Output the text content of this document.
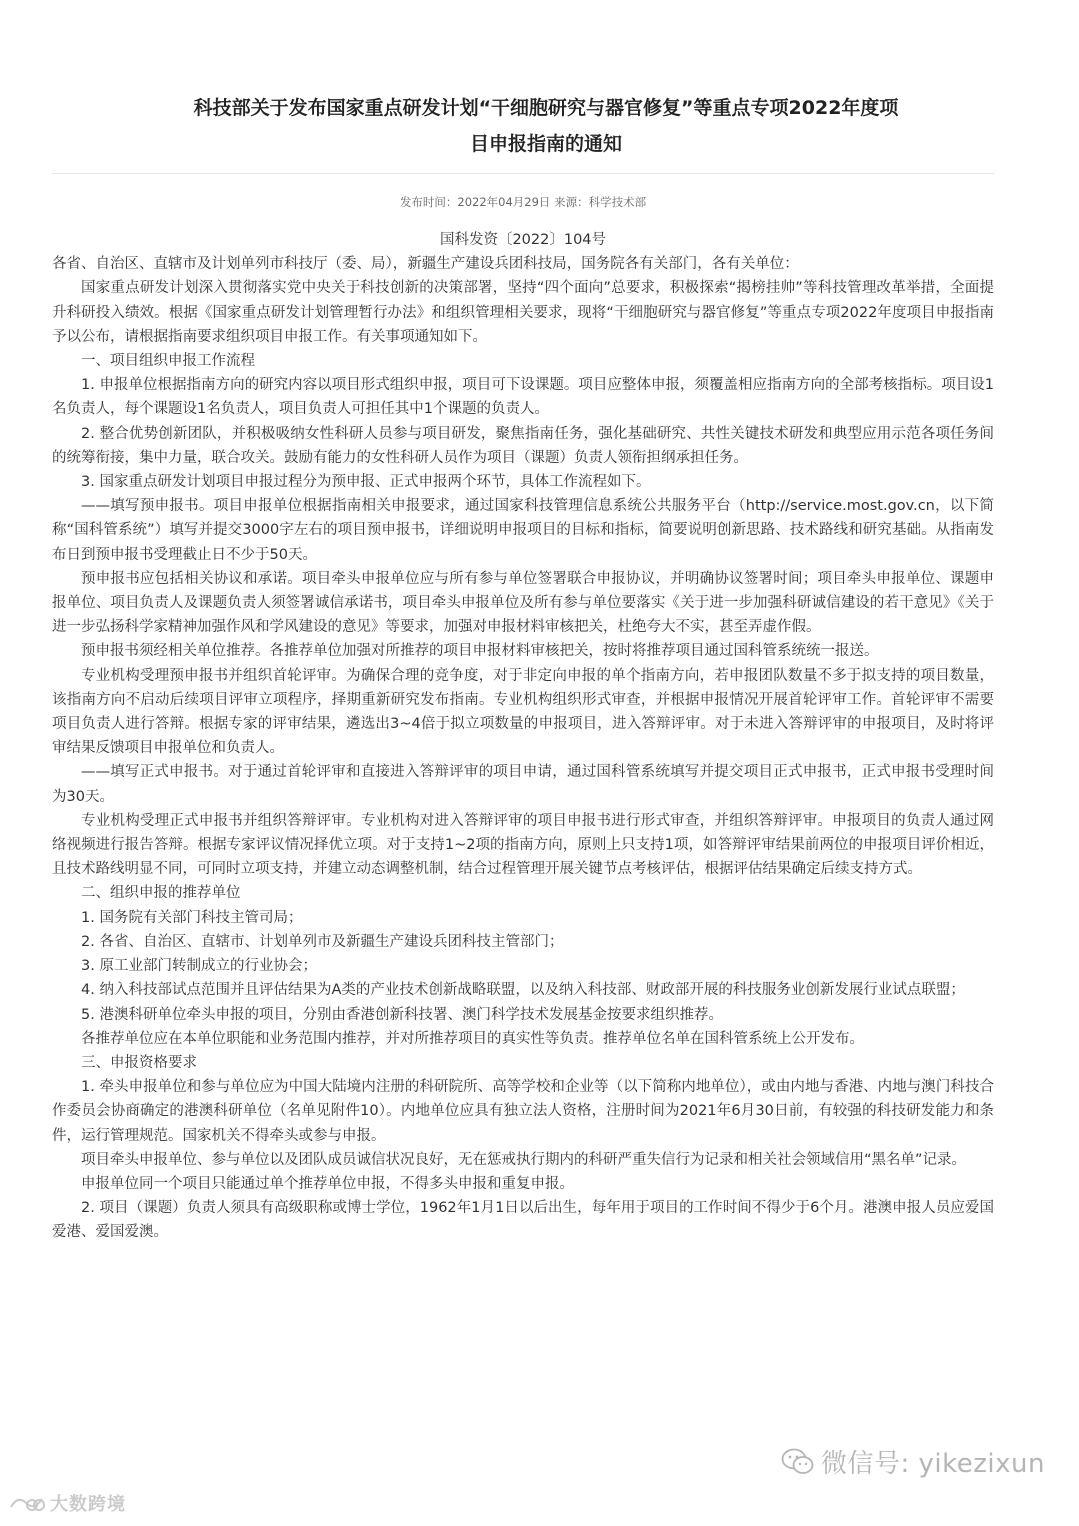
科技部关于发布国家重点研发计划“干细胞研究与器官修复”等重点专项2022年度项
目申报指南的通知
发布时间：2022年04月29日 来源：科学技术部

国科发资〔2022〕104号

各省、自治区、直辖市及计划单列市科技厅（委、局），新疆生产建设兵团科技局，国务院各有关部门，各有关单位：

国家重点研发计划深入贯彻落实党中央关于科技创新的决策部署，坚持“四个面向”总要求，积极探索“揭榜挂帅”等科技管理改革举措，全面提升科研投入绩效。根据《国家重点研发计划管理暂行办法》和组织管理相关要求，现将“干细胞研究与器官修复”等重点专项2022年度项目申报指南予以公布，请根据指南要求组织项目申报工作。有关事项通知如下。

一、项目组织申报工作流程

1. 申报单位根据指南方向的研究内容以项目形式组织申报，项目可下设课题。项目应整体申报，须覆盖相应指南方向的全部考核指标。项目设1名负责人，每个课题设1名负责人，项目负责人可担任其中1个课题的负责人。

2. 整合优势创新团队，并积极吸纳女性科研人员参与项目研发，聚焦指南任务，强化基础研究、共性关键技术研发和典型应用示范各项任务间的统筹衔接，集中力量，联合攻关。鼓励有能力的女性科研人员作为项目（课题）负责人领衔担纲承担任务。

3. 国家重点研发计划项目申报过程分为预申报、正式申报两个环节，具体工作流程如下。

——填写预申报书。项目申报单位根据指南相关申报要求，通过国家科技管理信息系统公共服务平台（http://service.most.gov.cn，以下简称“国科管系统”）填写并提交3000字左右的项目预申报书，详细说明申报项目的目标和指标，简要说明创新思路、技术路线和研究基础。从指南发布日到预申报书受理截止日不少于50天。

预申报书应包括相关协议和承诺。项目牵头申报单位应与所有参与单位签署联合申报协议，并明确协议签署时间；项目牵头申报单位、课题申报单位、项目负责人及课题负责人须签署诚信承诺书，项目牵头申报单位及所有参与单位要落实《关于进一步加强科研诚信建设的若干意见》《关于进一步弘扬科学家精神加强作风和学风建设的意见》等要求，加强对申报材料审核把关，杜绝夸大不实，甚至弄虚作假。

预申报书须经相关单位推荐。各推荐单位加强对所推荐的项目申报材料审核把关，按时将推荐项目通过国科管系统统一报送。

专业机构受理预申报书并组织首轮评审。为确保合理的竞争度，对于非定向申报的单个指南方向，若申报团队数量不多于拟支持的项目数量，该指南方向不启动后续项目评审立项程序，择期重新研究发布指南。专业机构组织形式审查，并根据申报情况开展首轮评审工作。首轮评审不需要项目负责人进行答辩。根据专家的评审结果，遴选出3~4倍于拟立项数量的申报项目，进入答辩评审。对于未进入答辩评审的申报项目，及时将评审结果反馈项目申报单位和负责人。

——填写正式申报书。对于通过首轮评审和直接进入答辩评审的项目申请，通过国科管系统填写并提交项目正式申报书，正式申报书受理时间为30天。

专业机构受理正式申报书并组织答辩评审。专业机构对进入答辩评审的项目申报书进行形式审查，并组织答辩评审。申报项目的负责人通过网络视频进行报告答辩。根据专家评议情况择优立项。对于支持1~2项的指南方向，原则上只支持1项，如答辩评审结果前两位的申报项目评价相近，且技术路线明显不同，可同时立项支持，并建立动态调整机制，结合过程管理开展关键节点考核评估，根据评估结果确定后续支持方式。

二、组织申报的推荐单位

1. 国务院有关部门科技主管司局；

2. 各省、自治区、直辖市、计划单列市及新疆生产建设兵团科技主管部门；

3. 原工业部门转制成立的行业协会；

4. 纳入科技部试点范围并且评估结果为A类的产业技术创新战略联盟，以及纳入科技部、财政部开展的科技服务业创新发展行业试点联盟；

5. 港澳科研单位牵头申报的项目，分别由香港创新科技署、澳门科学技术发展基金按要求组织推荐。

各推荐单位应在本单位职能和业务范围内推荐，并对所推荐项目的真实性等负责。推荐单位名单在国科管系统上公开发布。

三、申报资格要求

1. 牵头申报单位和参与单位应为中国大陆境内注册的科研院所、高等学校和企业等（以下简称内地单位），或由内地与香港、内地与澳门科技合作委员会协商确定的港澳科研单位（名单见附件10）。内地单位应具有独立法人资格，注册时间为2021年6月30日前，有较强的科技研发能力和条件，运行管理规范。国家机关不得牵头或参与申报。

项目牵头申报单位、参与单位以及团队成员诚信状况良好，无在惩戒执行期内的科研严重失信行为记录和相关社会领域信用“黑名单”记录。

申报单位同一个项目只能通过单个推荐单位申报，不得多头申报和重复申报。

2. 项目（课题）负责人须具有高级职称或博士学位，1962年1月1日以后出生，每年用于项目的工作时间不得少于6个月。港澳申报人员应爱国爱港、爱国爱澳。

微信号: yikezixun
大数跨境
